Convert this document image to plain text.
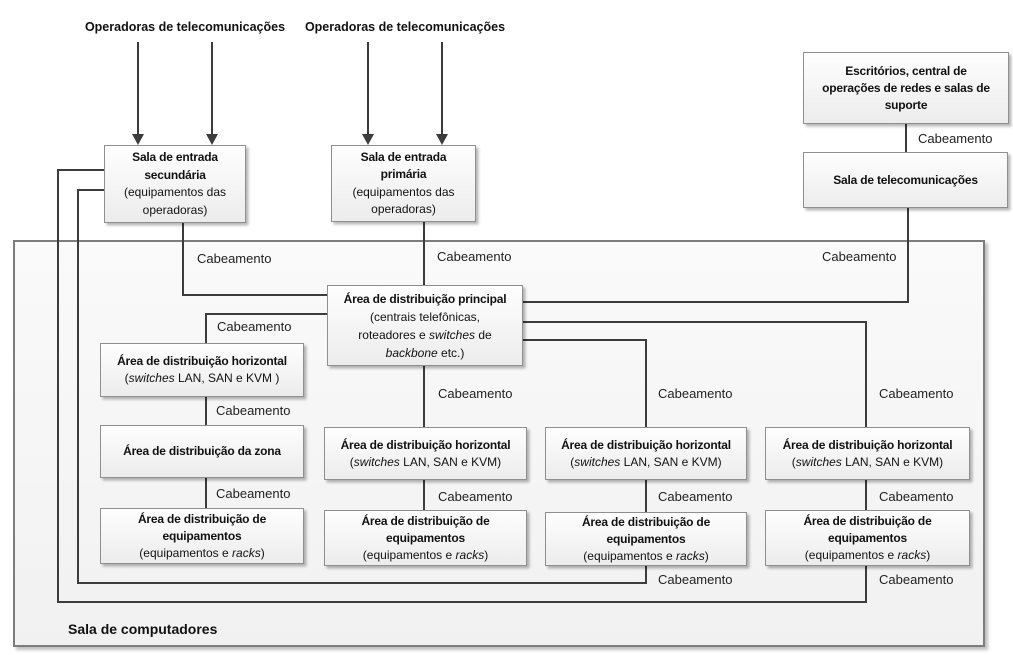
Operadoras de telecomunicações	Operadoras de telecomunicações
Sala de computadores
Escritórios, central de
operações de redes e salas de
suporte
Sala de telecomunicações
Sala de entrada
secundária
(equipamentos das
operadoras)
Sala de entrada
primária
(equipamentos das
operadoras)
Área de distribuição principal
(centrais telefônicas,
roteadores e switches de
backbone etc.)
Área de distribuição horizontal
(switches LAN, SAN e KVM )
Área de distribuição da zona
Área de distribuição de
equipamentos
(equipamentos e racks)
Área de distribuição horizontal
(switches LAN, SAN e KVM)
Área de distribuição de
equipamentos
(equipamentos e racks)
Área de distribuição horizontal
(switches LAN, SAN e KVM)
Área de distribuição de
equipamentos
(equipamentos e racks)
Área de distribuição horizontal
(switches LAN, SAN e KVM)
Área de distribuição de
equipamentos
(equipamentos e racks)
Cabeamento
Cabeamento	Cabeamento	Cabeamento
Cabeamento
Cabeamento
Cabeamento
Cabeamento
Cabeamento
Cabeamento
Cabeamento
Cabeamento
Cabeamento
Cabeamento	Cabeamento
